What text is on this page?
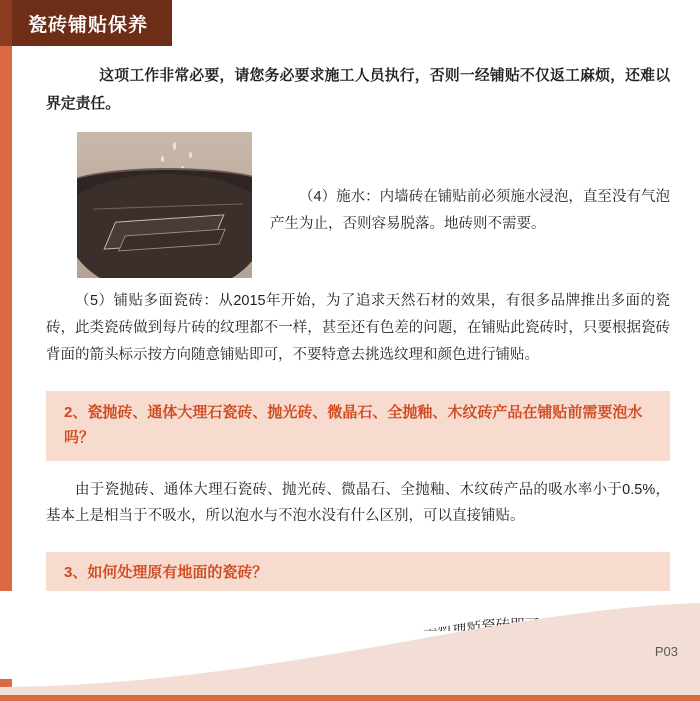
瓷砖铺贴保养

这项工作非常必要，请您务必要求施工人员执行，否则一经铺贴不仅返工麻烦，还难以界定责任。

（4）施水：内墙砖在铺贴前必须施水浸泡，直至没有气泡产生为止，否则容易脱落。地砖则不需要。

（5）铺贴多面瓷砖：从2015年开始，为了追求天然石材的效果，有很多品牌推出多面的瓷砖，此类瓷砖做到每片砖的纹理都不一样，甚至还有色差的问题，在铺贴此瓷砖时，只要根据瓷砖背面的箭头标示按方向随意铺贴即可，不要特意去挑选纹理和颜色进行铺贴。

2、瓷抛砖、通体大理石瓷砖、抛光砖、微晶石、全抛釉、木纹砖产品在铺贴前需要泡水吗？

由于瓷抛砖、通体大理石瓷砖、抛光砖、微晶石、全抛釉、木纹砖产品的吸水率小于0.5%，基本上是相当于不吸水，所以泡水与不泡水没有什么区别，可以直接铺贴。

3、如何处理原有地面的瓷砖？

P03
